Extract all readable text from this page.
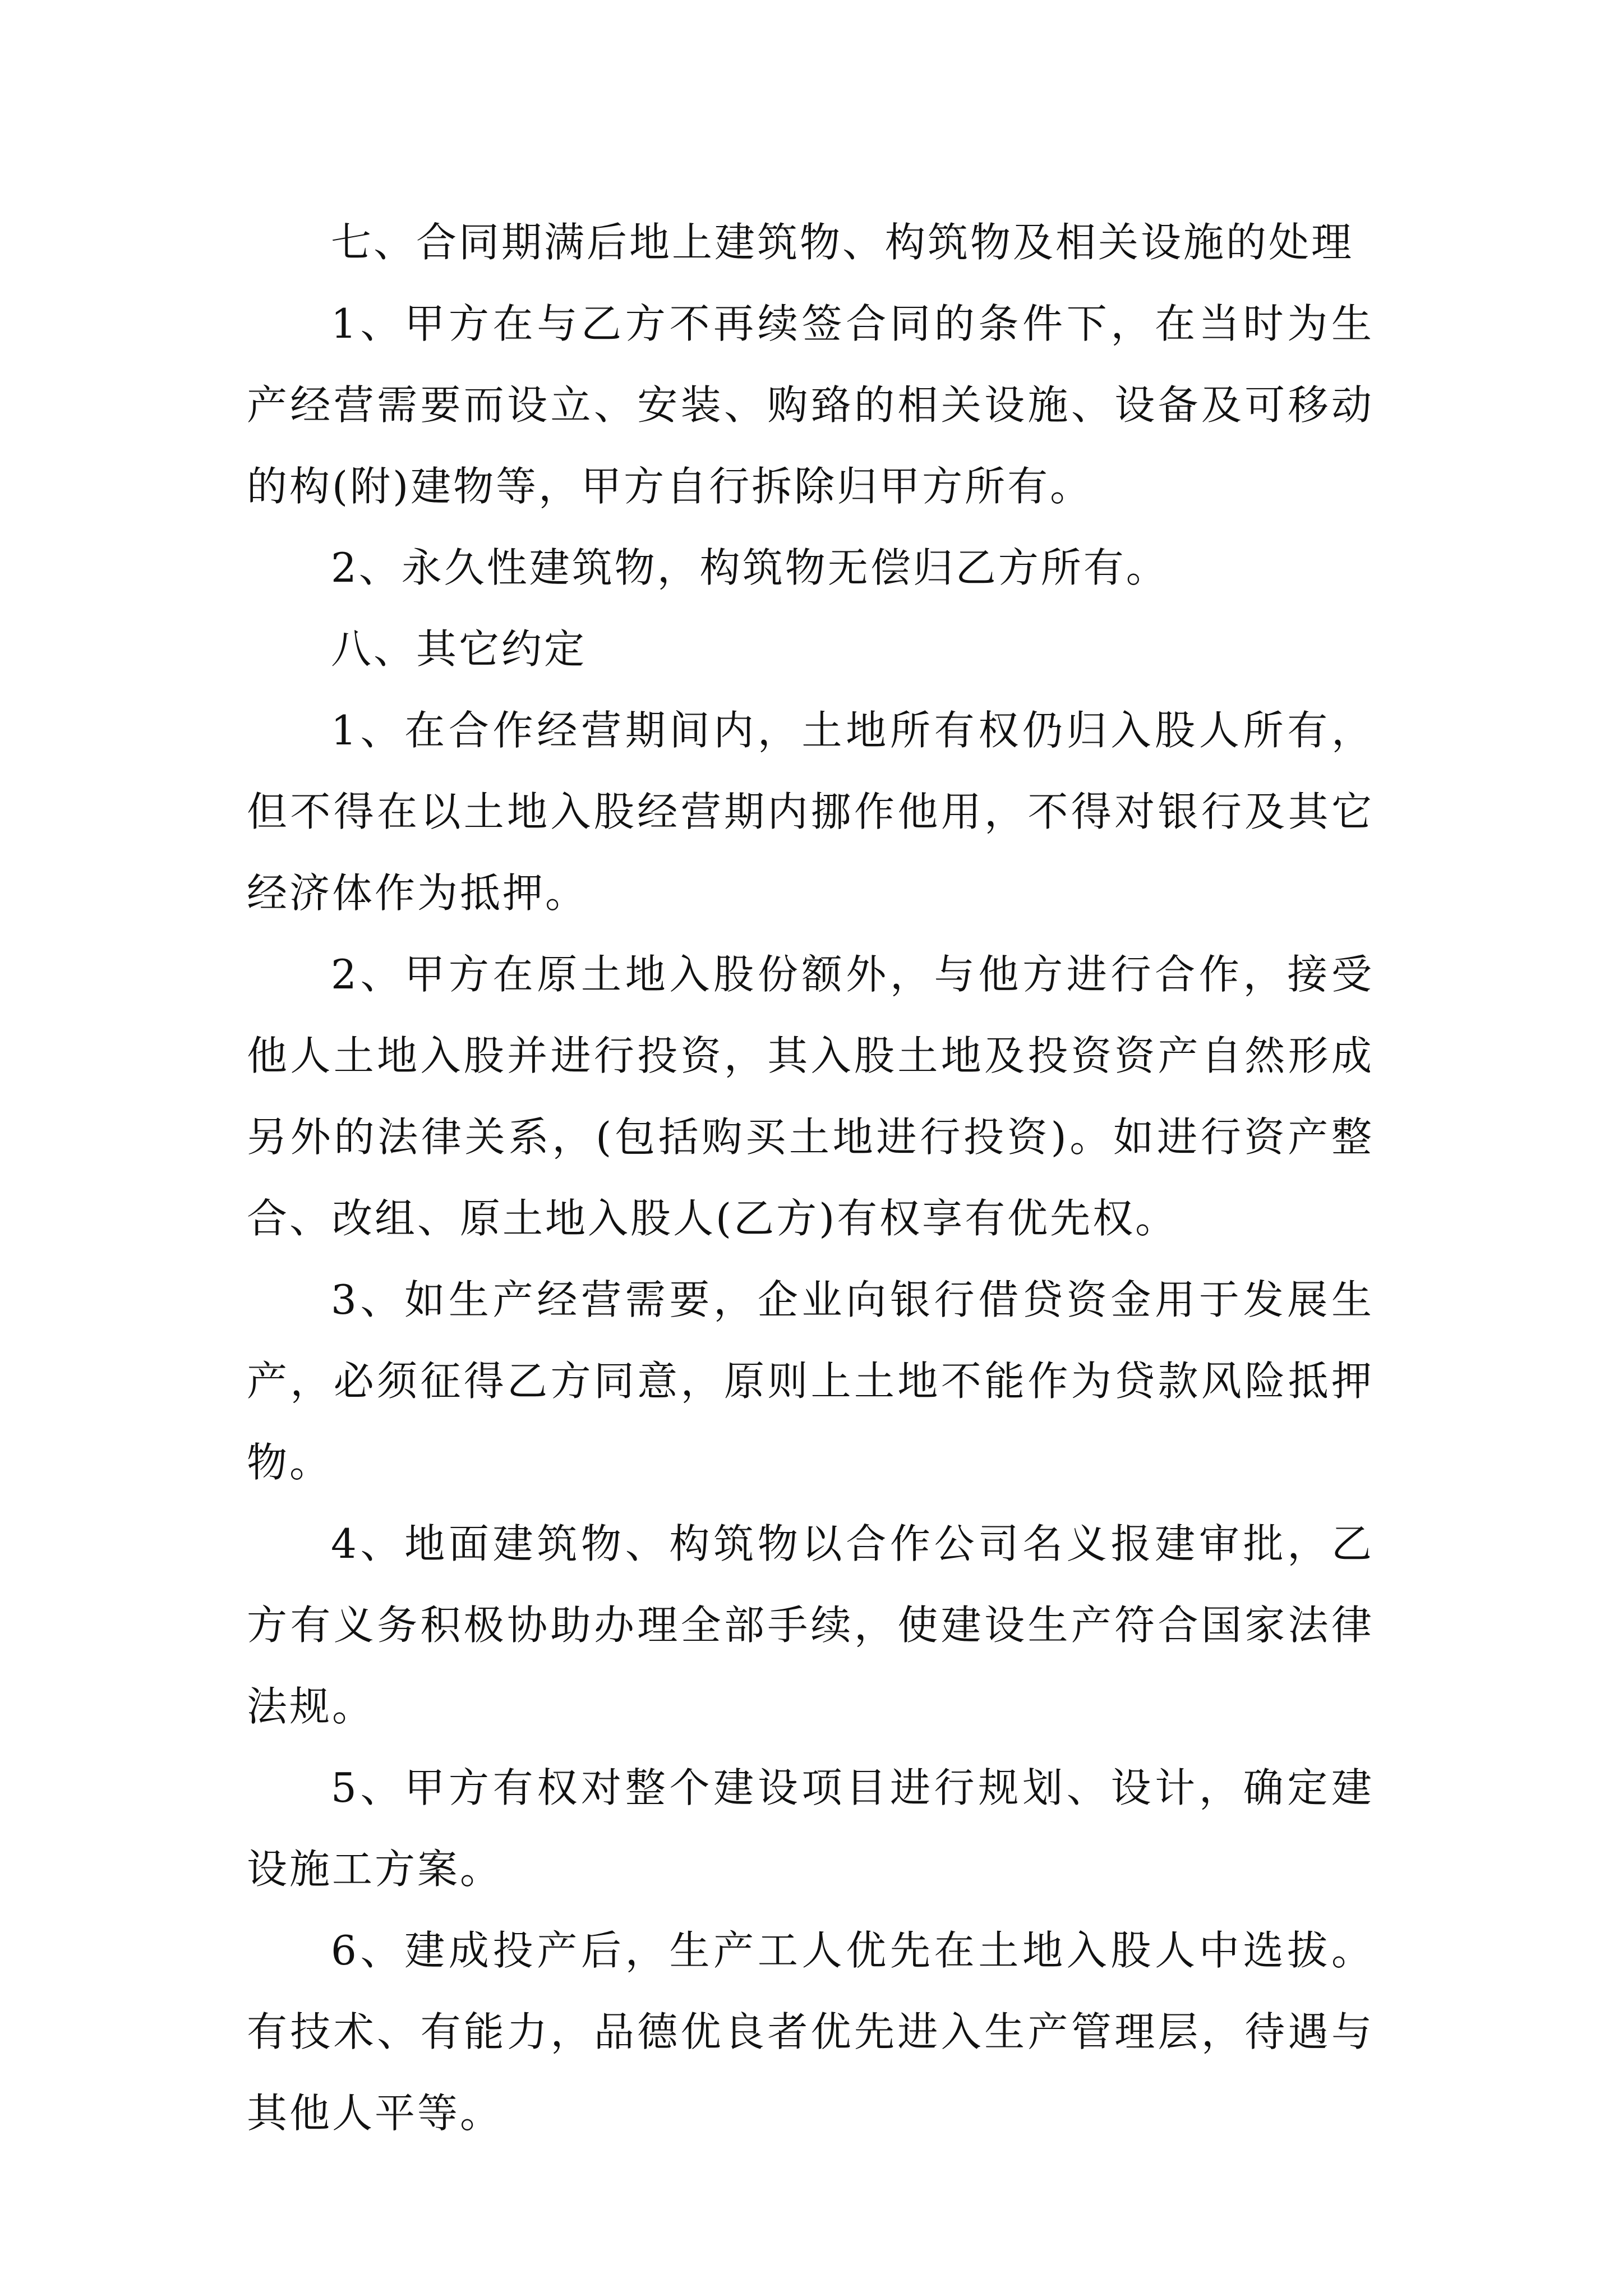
七、合同期满后地上建筑物、构筑物及相关设施的处理

1、甲方在与乙方不再续签合同的条件下，在当时为生产经营需要而设立、安装、购臵的相关设施、设备及可移动的构(附)建物等，甲方自行拆除归甲方所有。

2、永久性建筑物，构筑物无偿归乙方所有。

八、其它约定

1、在合作经营期间内，土地所有权仍归入股人所有，但不得在以土地入股经营期内挪作他用，不得对银行及其它经济体作为抵押。

2、甲方在原土地入股份额外，与他方进行合作，接受他人土地入股并进行投资，其入股土地及投资资产自然形成另外的法律关系，(包括购买土地进行投资)。如进行资产整合、改组、原土地入股人(乙方)有权享有优先权。

3、如生产经营需要，企业向银行借贷资金用于发展生产，必须征得乙方同意，原则上土地不能作为贷款风险抵押物。

4、地面建筑物、构筑物以合作公司名义报建审批，乙方有义务积极协助办理全部手续，使建设生产符合国家法律法规。

5、甲方有权对整个建设项目进行规划、设计，确定建设施工方案。

6、建成投产后，生产工人优先在土地入股人中选拔。有技术、有能力，品德优良者优先进入生产管理层，待遇与其他人平等。
